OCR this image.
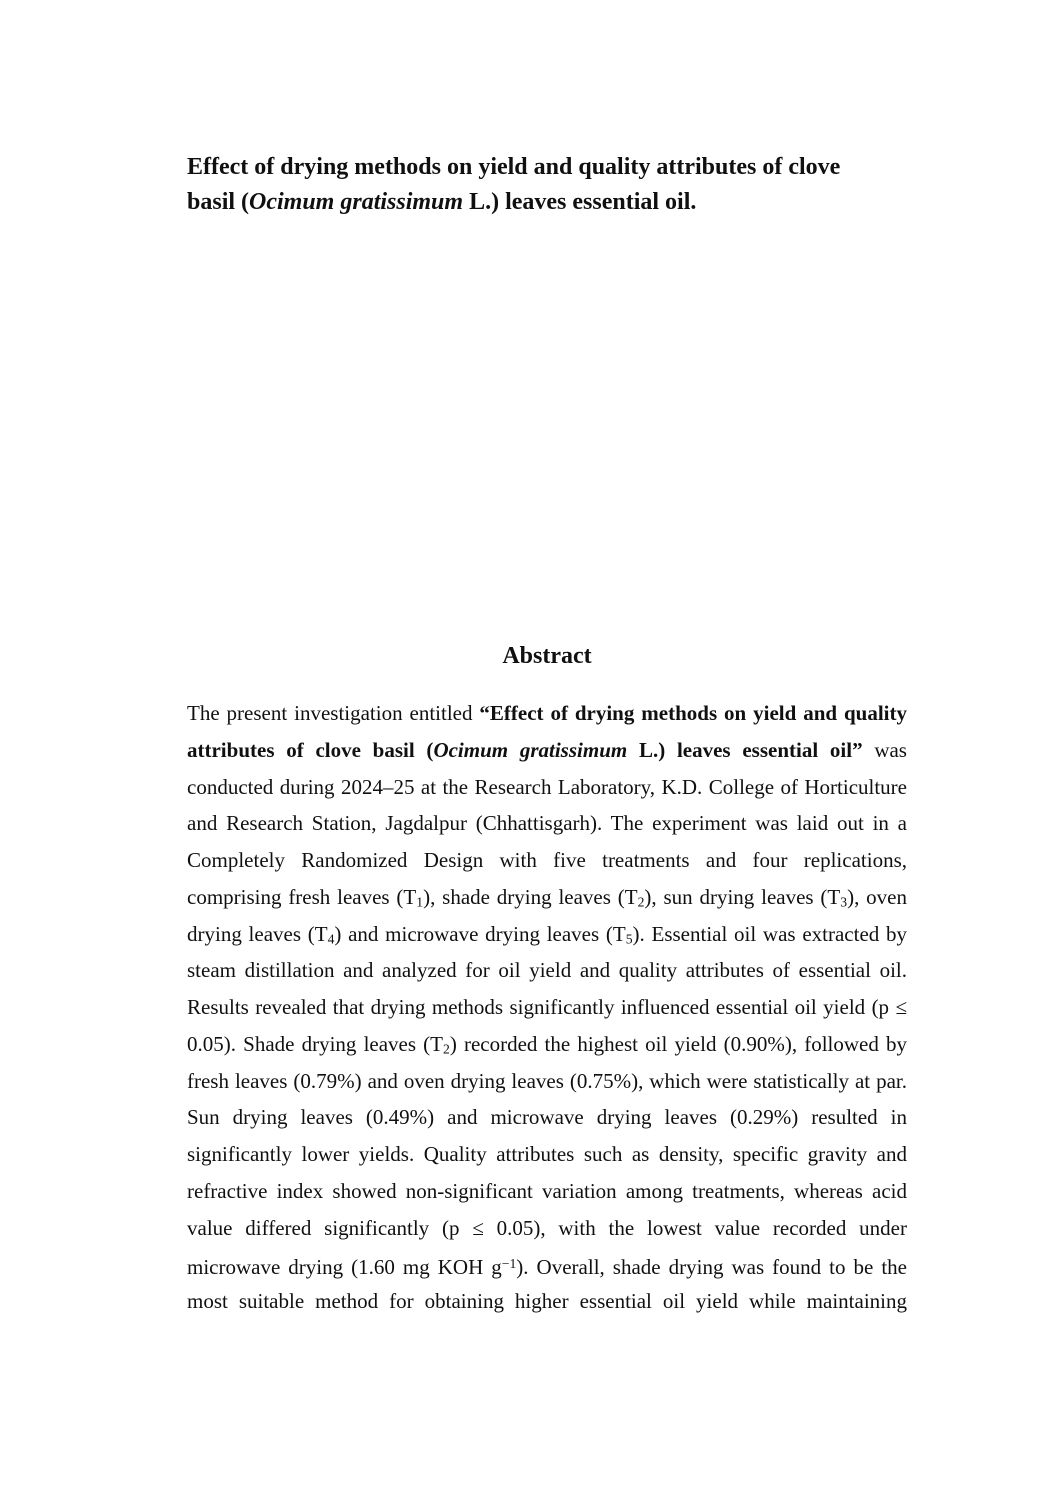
Effect of drying methods on yield and quality attributes of clove
basil (Ocimum gratissimum L.) leaves essential oil.
Abstract
The present investigation entitled “Effect of drying methods on yield and quality
attributes of clove basil (Ocimum gratissimum L.) leaves essential oil” was
conducted during 2024–25 at the Research Laboratory, K.D. College of Horticulture
and Research Station, Jagdalpur (Chhattisgarh). The experiment was laid out in a
Completely Randomized Design with five treatments and four replications,
comprising fresh leaves (T1), shade drying leaves (T2), sun drying leaves (T3), oven
drying leaves (T4) and microwave drying leaves (T5). Essential oil was extracted by
steam distillation and analyzed for oil yield and quality attributes of essential oil.
Results revealed that drying methods significantly influenced essential oil yield (p ≤
0.05). Shade drying leaves (T2) recorded the highest oil yield (0.90%), followed by
fresh leaves (0.79%) and oven drying leaves (0.75%), which were statistically at par.
Sun drying leaves (0.49%) and microwave drying leaves (0.29%) resulted in
significantly lower yields. Quality attributes such as density, specific gravity and
refractive index showed non-significant variation among treatments, whereas acid
value differed significantly (p ≤ 0.05), with the lowest value recorded under
microwave drying (1.60 mg KOH $g^{-1}$). Overall, shade drying was found to be the
most suitable method for obtaining higher essential oil yield while maintaining
